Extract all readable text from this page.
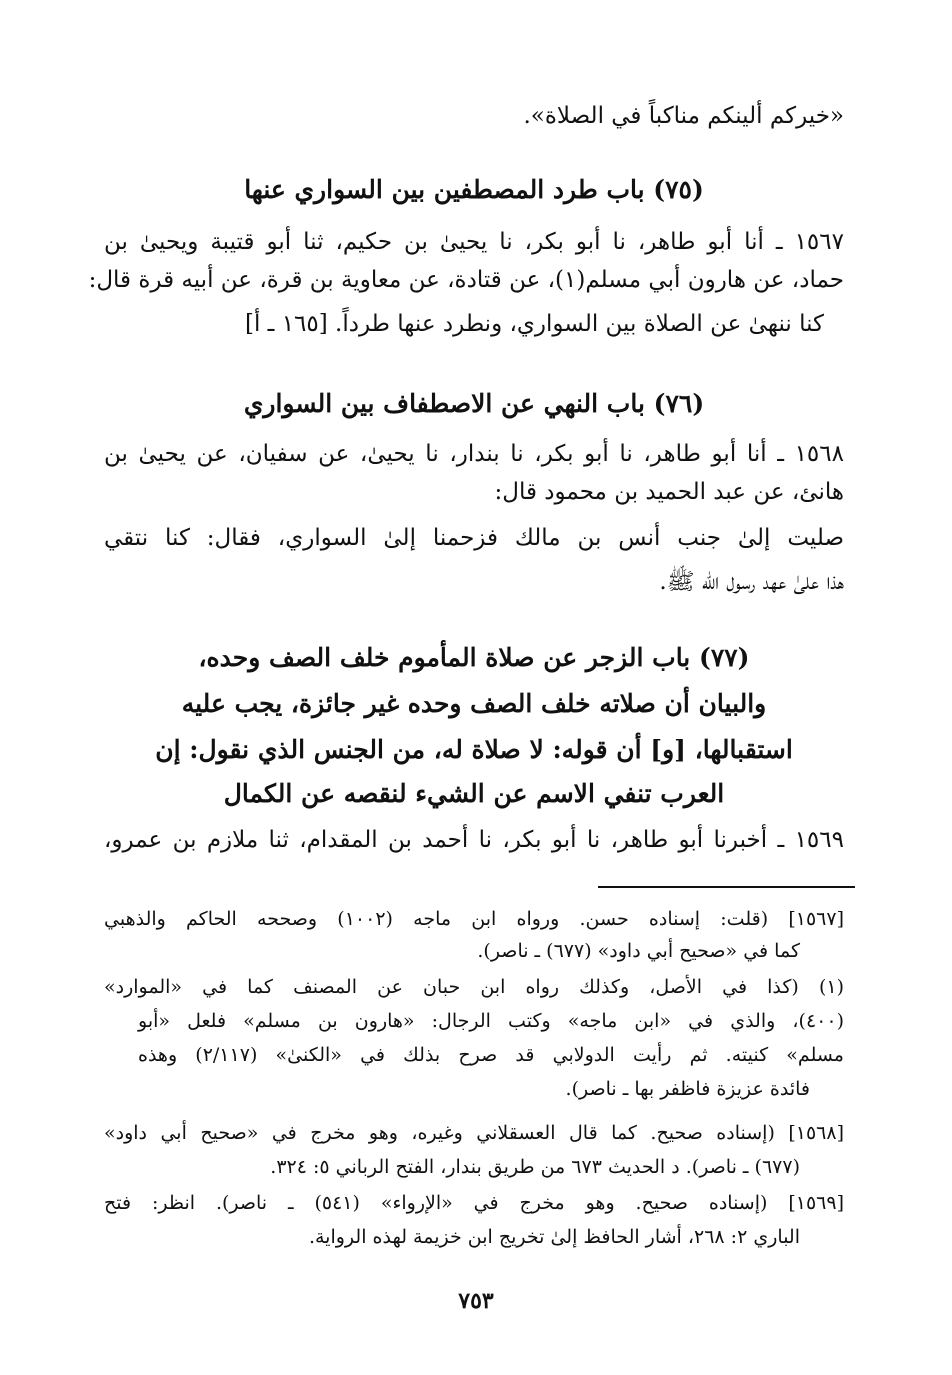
«خيركم ألينكم مناكباً في الصلاة».
(٧٥) باب طرد المصطفين بين السواري عنها
١٥٦٧ ـ أنا أبو طاهر، نا أبو بكر، نا يحيىٰ بن حكيم، ثنا أبو قتيبة ويحيىٰ بن
حماد، عن هارون أبي مسلم(١)، عن قتادة، عن معاوية بن قرة، عن أبيه قرة قال:
كنا ننهىٰ عن الصلاة بين السواري، ونطرد عنها طرداً. [١٦٥ ـ أ]
(٧٦) باب النهي عن الاصطفاف بين السواري
١٥٦٨ ـ أنا أبو طاهر، نا أبو بكر، نا بندار، نا يحيىٰ، عن سفيان، عن يحيىٰ بن
هانئ، عن عبد الحميد بن محمود قال:
صليت إلىٰ جنب أنس بن مالك فزحمنا إلىٰ السواري، فقال: كنا نتقي
هذا علىٰ عهد رسول الله ﷺ.
(٧٧) باب الزجر عن صلاة المأموم خلف الصف وحده،
والبيان أن صلاته خلف الصف وحده غير جائزة، يجب عليه
استقبالها، [و] أن قوله: لا صلاة له، من الجنس الذي نقول: إن
العرب تنفي الاسم عن الشيء لنقصه عن الكمال
١٥٦٩ ـ أخبرنا أبو طاهر، نا أبو بكر، نا أحمد بن المقدام، ثنا ملازم بن عمرو،
[١٥٦٧] (قلت: إسناده حسن. ورواه ابن ماجه (١٠٠٢) وصححه الحاكم والذهبي
كما في «صحيح أبي داود» (٦٧٧) ـ ناصر).
(١) (كذا في الأصل، وكذلك رواه ابن حبان عن المصنف كما في «الموارد»
(٤٠٠)، والذي في «ابن ماجه» وكتب الرجال: «هارون بن مسلم» فلعل «أبو
مسلم» كنيته. ثم رأيت الدولابي قد صرح بذلك في «الكنىٰ» (٢/١١٧) وهذه
فائدة عزيزة فاظفر بها ـ ناصر).
[١٥٦٨] (إسناده صحيح. كما قال العسقلاني وغيره، وهو مخرج في «صحيح أبي داود»
(٦٧٧) ـ ناصر). د الحديث ٦٧٣ من طريق بندار، الفتح الرباني ٥: ٣٢٤.
[١٥٦٩] (إسناده صحيح. وهو مخرج في «الإرواء» (٥٤١) ـ ناصر). انظر: فتح
الباري ٢: ٢٦٨، أشار الحافظ إلىٰ تخريج ابن خزيمة لهذه الرواية.
٧٥٣
